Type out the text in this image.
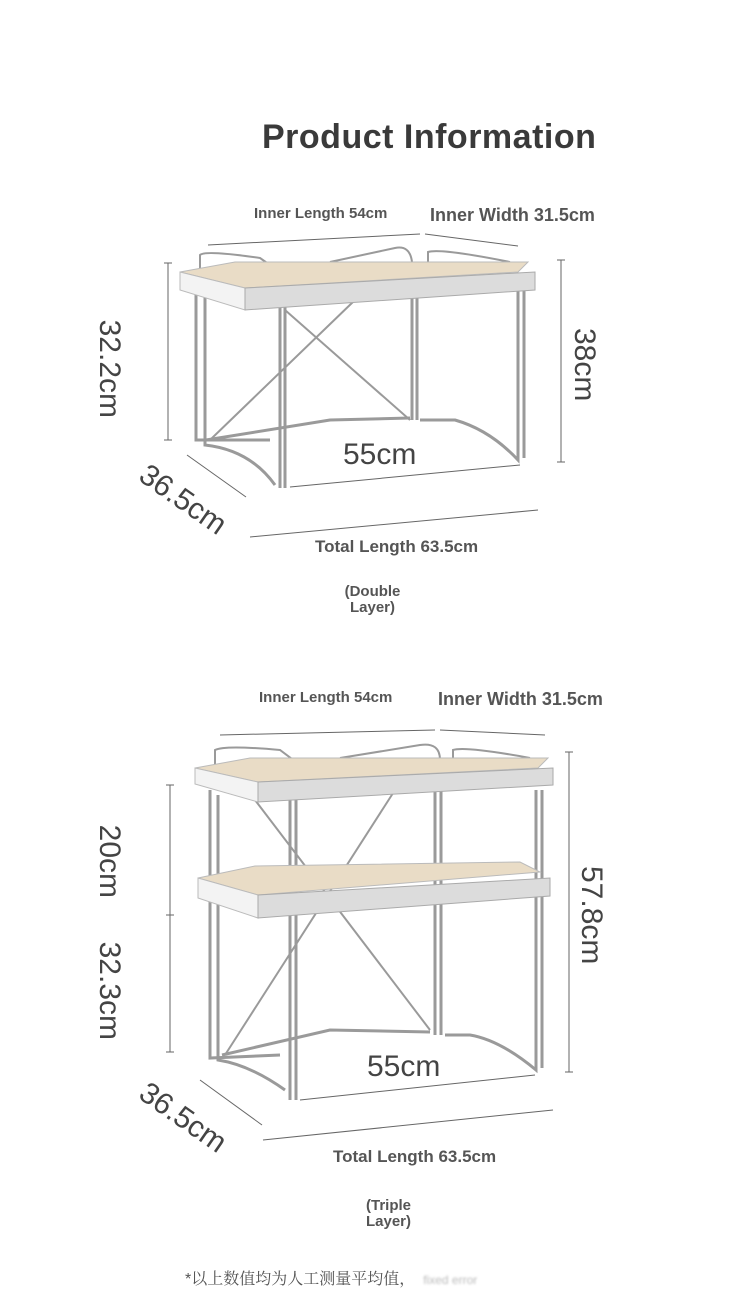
Product Information
Inner Length 54cm Inner Width 31.5cm
32.2cm	38cm
36.5cm
55cm
Total Length 63.5cm
(Double
Layer)
Inner Length 54cm	Inner Width 31.5cm
20cm
32.3cm
57.8cm
36.5cm
55cm
Total Length 63.5cm
(Triple
Layer)
*以上数值均为人工测量平均值， fixed error
